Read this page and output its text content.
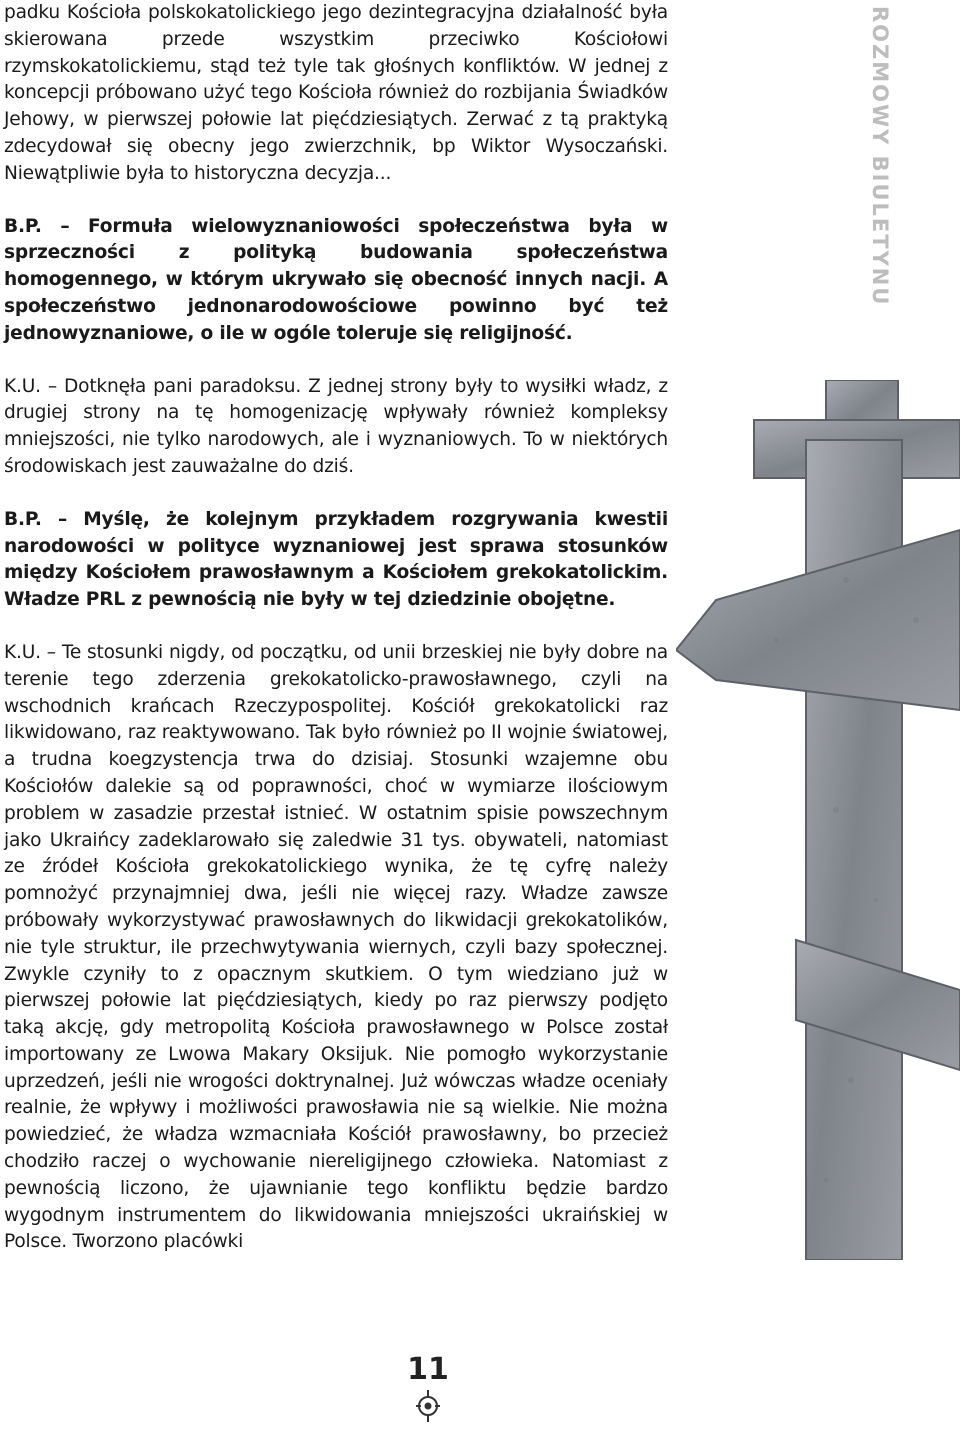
padku Kościoła polskokatolickiego jego dezintegracyjna działalność była skierowana przede wszystkim przeciwko Kościołowi rzymskokatolickiemu, stąd też tyle tak głośnych konfliktów. W jednej z koncepcji próbowano użyć tego Kościoła również do rozbijania Świadków Jehowy, w pierwszej połowie lat pięćdziesiątych. Zerwać z tą praktyką zdecydował się obecny jego zwierzchnik, bp Wiktor Wysoczański. Niewątpliwie była to historyczna decyzja...

B.P. – Formuła wielowyznaniowości społeczeństwa była w sprzeczności z polityką budowania społeczeństwa homogennego, w którym ukrywało się obecność innych nacji. A społeczeństwo jednonarodowościowe powinno być też jednowyznaniowe, o ile w ogóle toleruje się religijność.

K.U. – Dotknęła pani paradoksu. Z jednej strony były to wysiłki władz, z drugiej strony na tę homogenizację wpływały również kompleksy mniejszości, nie tylko narodowych, ale i wyznaniowych. To w niektórych środowiskach jest zauważalne do dziś.

B.P. – Myślę, że kolejnym przykładem rozgrywania kwestii narodowości w polityce wyznaniowej jest sprawa stosunków między Kościołem prawosławnym a Kościołem grekokatolickim. Władze PRL z pewnością nie były w tej dziedzinie obojętne.

K.U. – Te stosunki nigdy, od początku, od unii brzeskiej nie były dobre na terenie tego zderzenia grekokatolicko-prawosławnego, czyli na wschodnich krańcach Rzeczypospolitej. Kościół grekokatolicki raz likwidowano, raz reaktywowano. Tak było również po II wojnie światowej, a trudna koegzystencja trwa do dzisiaj. Stosunki wzajemne obu Kościołów dalekie są od poprawności, choć w wymiarze ilościowym problem w zasadzie przestał istnieć. W ostatnim spisie powszechnym jako Ukraińcy zadeklarowało się zaledwie 31 tys. obywateli, natomiast ze źródeł Kościoła grekokatolickiego wynika, że tę cyfrę należy pomnożyć przynajmniej dwa, jeśli nie więcej razy. Władze zawsze próbowały wykorzystywać prawosławnych do likwidacji grekokatolików, nie tyle struktur, ile przechwytywania wiernych, czyli bazy społecznej. Zwykle czyniły to z opacznym skutkiem. O tym wiedziano już w pierwszej połowie lat pięćdziesiątych, kiedy po raz pierwszy podjęto taką akcję, gdy metropolitą Kościoła prawosławnego w Polsce został importowany ze Lwowa Makary Oksijuk. Nie pomogło wykorzystanie uprzedzeń, jeśli nie wrogości doktrynalnej. Już wówczas władze oceniały realnie, że wpływy i możliwości prawosławia nie są wielkie. Nie można powiedzieć, że władza wzmacniała Kościół prawosławny, bo przecież chodziło raczej o wychowanie niereligijnego człowieka. Natomiast z pewnością liczono, że ujawnianie tego konfliktu będzie bardzo wygodnym instrumentem do likwidowania mniejszości ukraińskiej w Polsce. Tworzono placówki

ROZMOWY BIULETYNU
11
